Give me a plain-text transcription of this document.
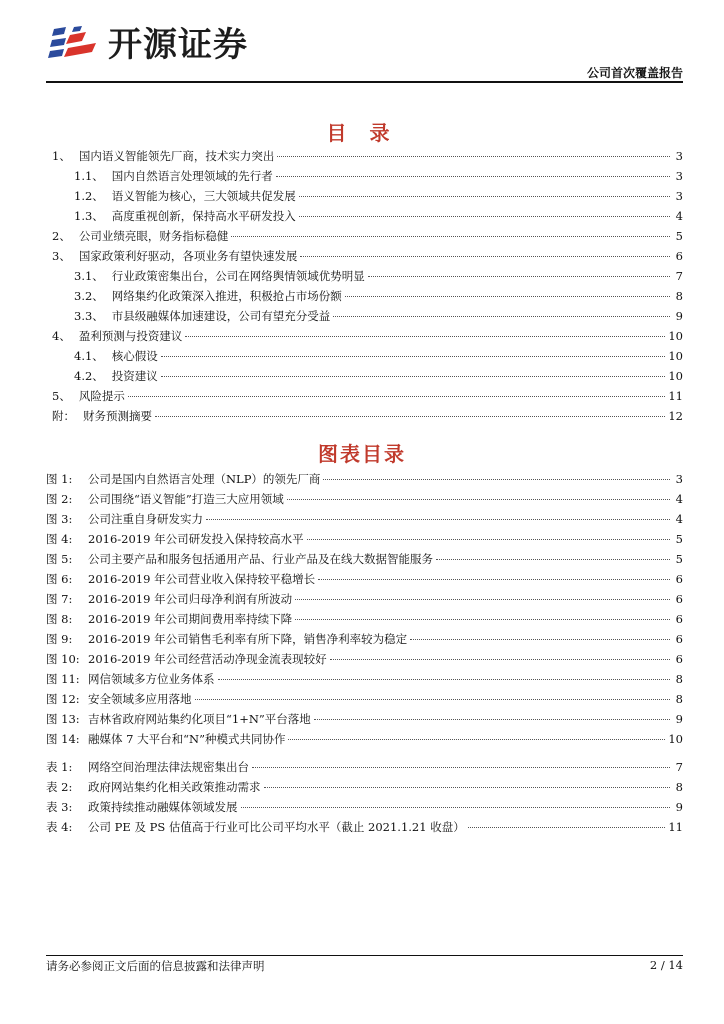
开源证券
公司首次覆盖报告
目 录
1、 国内语义智能领先厂商，技术实力突出	3
1.1、 国内自然语言处理领域的先行者	3
1.2、 语义智能为核心，三大领域共促发展	3
1.3、 高度重视创新，保持高水平研发投入	4
2、 公司业绩亮眼，财务指标稳健	5
3、 国家政策利好驱动，各项业务有望快速发展	6
3.1、 行业政策密集出台，公司在网络舆情领域优势明显	7
3.2、 网络集约化政策深入推进，积极抢占市场份额	8
3.3、 市县级融媒体加速建设，公司有望充分受益	9
4、 盈利预测与投资建议	10
4.1、 核心假设	10
4.2、 投资建议	10
5、 风险提示	11
附： 财务预测摘要	12
图表目录
图 1:	公司是国内自然语言处理（NLP）的领先厂商	3
图 2:	公司围绕“语义智能”打造三大应用领域	4
图 3:	公司注重自身研发实力	4
图 4:	2016-2019 年公司研发投入保持较高水平	5
图 5:	公司主要产品和服务包括通用产品、行业产品及在线大数据智能服务	5
图 6:	2016-2019 年公司营业收入保持较平稳增长	6
图 7:	2016-2019 年公司归母净利润有所波动	6
图 8:	2016-2019 年公司期间费用率持续下降	6
图 9:	2016-2019 年公司销售毛利率有所下降，销售净利率较为稳定	6
图 10: 2016-2019 年公司经营活动净现金流表现较好	6
图 11: 网信领域多方位业务体系	8
图 12: 安全领域多应用落地	8
图 13: 吉林省政府网站集约化项目“1+N”平台落地	9
图 14: 融媒体 7 大平台和“N”种模式共同协作	10
表 1:	网络空间治理法律法规密集出台	7
表 2:	政府网站集约化相关政策推动需求	8
表 3:	政策持续推动融媒体领域发展	9
表 4:	公司 PE 及 PS 估值高于行业可比公司平均水平（截止 2021.1.21 收盘）	11
请务必参阅正文后面的信息披露和法律声明	2 / 14
